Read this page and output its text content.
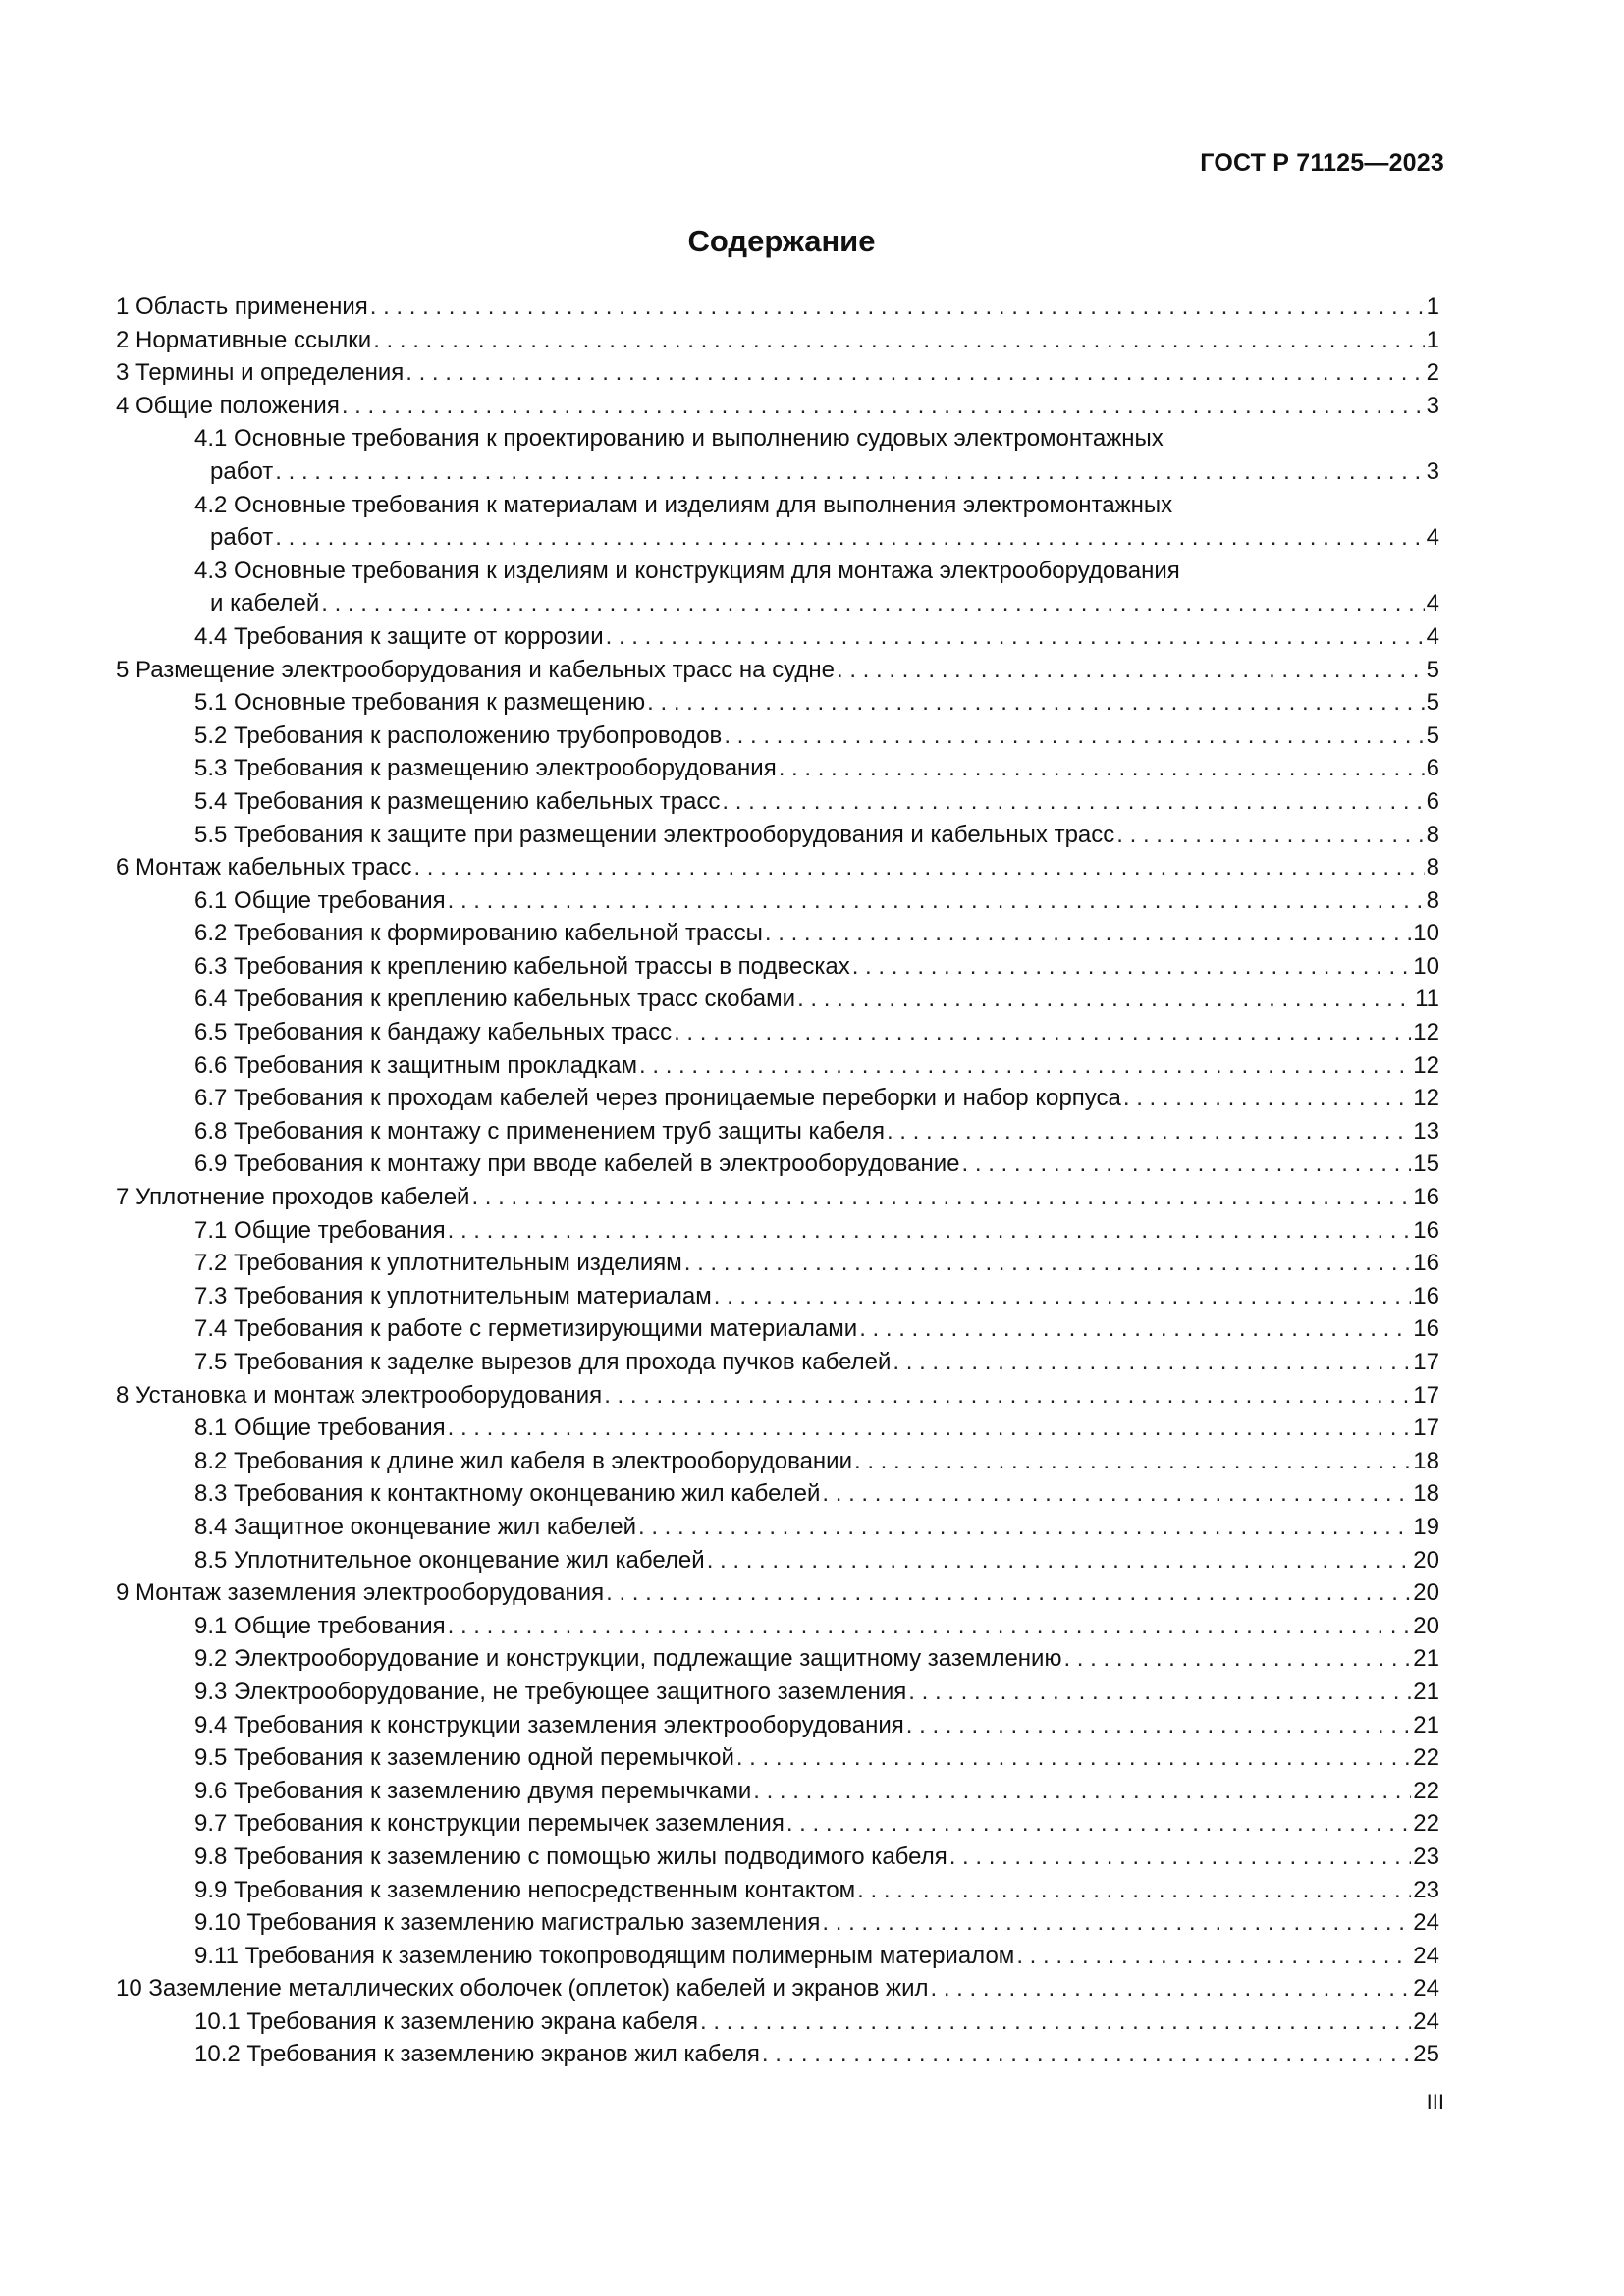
ГОСТ Р 71125—2023
Содержание
1 Область применения . . .	1
2 Нормативные ссылки . . .	1
3 Термины и определения . . .	2
4 Общие положения . . .	3
4.1 Основные требования к проектированию и выполнению судовых электромонтажных
работ . . .	3
4.2 Основные требования к материалам и изделиям для выполнения электромонтажных
работ . . .	4
4.3 Основные требования к изделиям и конструкциям для монтажа электрооборудования
и кабелей . . .	4
4.4 Требования к защите от коррозии . . .	4
5 Размещение электрооборудования и кабельных трасс на судне . . .	5
5.1 Основные требования к размещению . . .	5
5.2 Требования к расположению трубопроводов . . .	5
5.3 Требования к размещению электрооборудования . . .	6
5.4 Требования к размещению кабельных трасс . . .	6
5.5 Требования к защите при размещении электрооборудования и кабельных трасс . . .	8
6 Монтаж кабельных трасс . . .	8
6.1 Общие требования . . .	8
6.2 Требования к формированию кабельной трассы . . .	10
6.3 Требования к креплению кабельной трассы в подвесках . . .	10
6.4 Требования к креплению кабельных трасс скобами . . .	11
6.5 Требования к бандажу кабельных трасс . . .	12
6.6 Требования к защитным прокладкам . . .	12
6.7 Требования к проходам кабелей через проницаемые переборки и набор корпуса . . .	12
6.8 Требования к монтажу с применением труб защиты кабеля . . .	13
6.9 Требования к монтажу при вводе кабелей в электрооборудование . . .	15
7 Уплотнение проходов кабелей . . .	16
7.1 Общие требования . . .	16
7.2 Требования к уплотнительным изделиям . . .	16
7.3 Требования к уплотнительным материалам . . .	16
7.4 Требования к работе с герметизирующими материалами . . .	16
7.5 Требования к заделке вырезов для прохода пучков кабелей . . .	17
8 Установка и монтаж электрооборудования . . .	17
8.1 Общие требования . . .	17
8.2 Требования к длине жил кабеля в электрооборудовании . . .	18
8.3 Требования к контактному оконцеванию жил кабелей . . .	18
8.4 Защитное оконцевание жил кабелей . . .	19
8.5 Уплотнительное оконцевание жил кабелей . . .	20
9 Монтаж заземления электрооборудования . . .	20
9.1 Общие требования . . .	20
9.2 Электрооборудование и конструкции, подлежащие защитному заземлению . . .	21
9.3 Электрооборудование, не требующее защитного заземления . . .	21
9.4 Требования к конструкции заземления электрооборудования . . .	21
9.5 Требования к заземлению одной перемычкой . . .	22
9.6 Требования к заземлению двумя перемычками . . .	22
9.7 Требования к конструкции перемычек заземления . . .	22
9.8 Требования к заземлению с помощью жилы подводимого кабеля . . .	23
9.9 Требования к заземлению непосредственным контактом . . .	23
9.10 Требования к заземлению магистралью заземления . . .	24
9.11 Требования к заземлению токопроводящим полимерным материалом . . .	24
10 Заземление металлических оболочек (оплеток) кабелей и экранов жил . . .	24
10.1 Требования к заземлению экрана кабеля . . .	24
10.2 Требования к заземлению экранов жил кабеля . . .	25
III
